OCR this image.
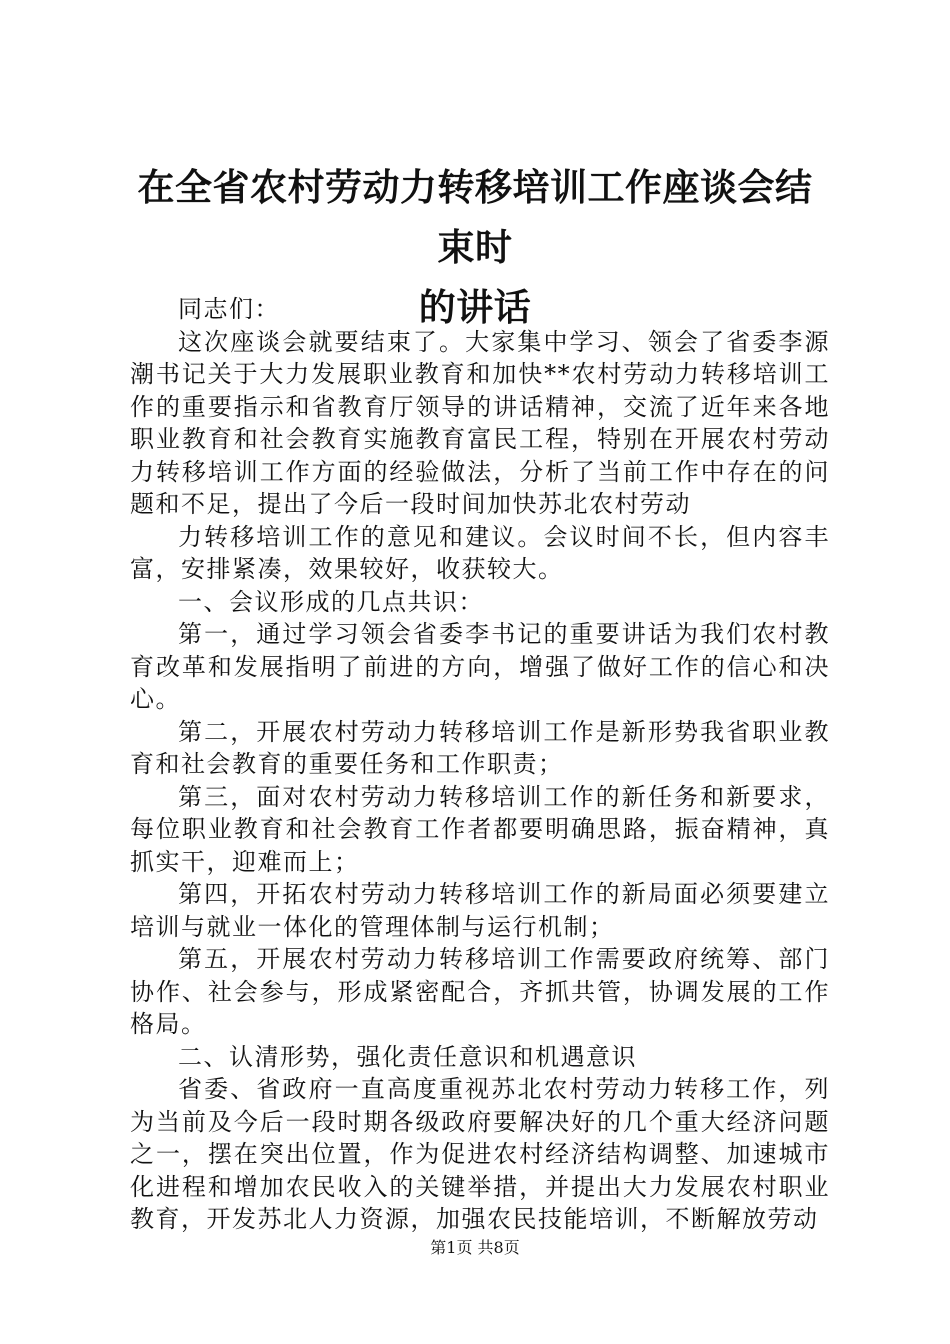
在全省农村劳动力转移培训工作座谈会结束时
的讲话

同志们：

这次座谈会就要结束了。大家集中学习、领会了省委李源潮书记关于大力发展职业教育和加快**农村劳动力转移培训工作的重要指示和省教育厅领导的讲话精神，交流了近年来各地职业教育和社会教育实施教育富民工程，特别在开展农村劳动力转移培训工作方面的经验做法，分析了当前工作中存在的问题和不足，提出了今后一段时间加快苏北农村劳动

力转移培训工作的意见和建议。会议时间不长，但内容丰富，安排紧凑，效果较好，收获较大。

一、会议形成的几点共识：

第一，通过学习领会省委李书记的重要讲话为我们农村教育改革和发展指明了前进的方向，增强了做好工作的信心和决心。

第二，开展农村劳动力转移培训工作是新形势我省职业教育和社会教育的重要任务和工作职责；

第三，面对农村劳动力转移培训工作的新任务和新要求，每位职业教育和社会教育工作者都要明确思路，振奋精神，真抓实干，迎难而上；

第四，开拓农村劳动力转移培训工作的新局面必须要建立培训与就业一体化的管理体制与运行机制；

第五，开展农村劳动力转移培训工作需要政府统筹、部门协作、社会参与，形成紧密配合，齐抓共管，协调发展的工作格局。

二、认清形势，强化责任意识和机遇意识

省委、省政府一直高度重视苏北农村劳动力转移工作，列为当前及今后一段时期各级政府要解决好的几个重大经济问题之一，摆在突出位置，作为促进农村经济结构调整、加速城市化进程和增加农民收入的关键举措，并提出大力发展农村职业教育，开发苏北人力资源，加强农民技能培训，不断解放劳动

第1页 共8页
